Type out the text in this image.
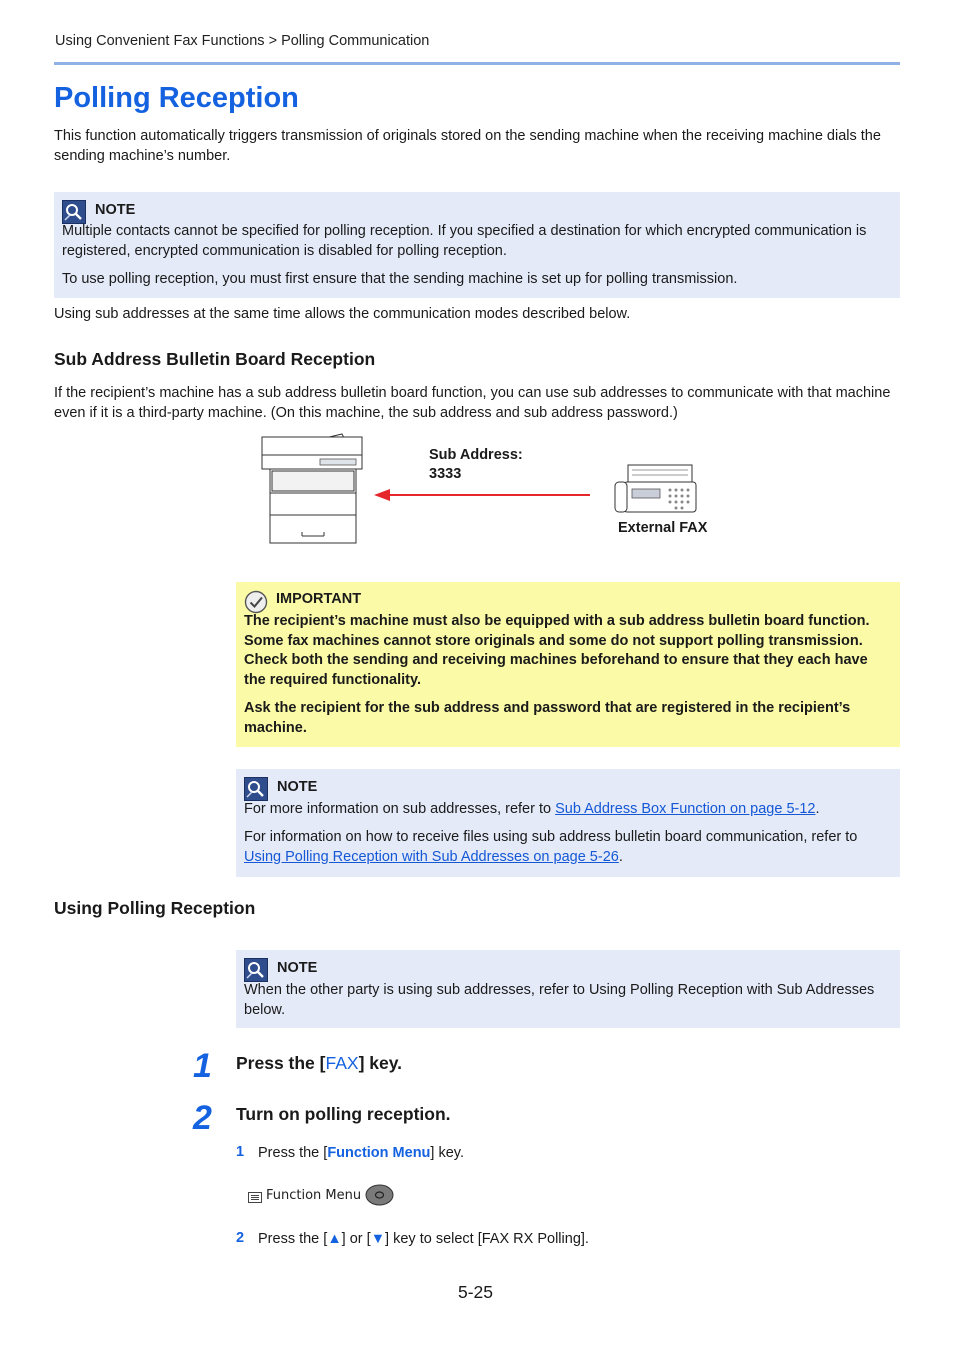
Using Convenient Fax Functions > Polling Communication
Polling Reception

This function automatically triggers transmission of originals stored on the sending machine when the receiving machine dials the sending machine’s number.

NOTE

Multiple contacts cannot be specified for polling reception. If you specified a destination for which encrypted communication is registered, encrypted communication is disabled for polling reception.

To use polling reception, you must first ensure that the sending machine is set up for polling transmission.

Using sub addresses at the same time allows the communication modes described below.

Sub Address Bulletin Board Reception

If the recipient’s machine has a sub address bulletin board function, you can use sub addresses to communicate with that machine even if it is a third-party machine. (On this machine, the sub address and sub address password.)

Sub Address:
3333
External FAX
IMPORTANT

The recipient’s machine must also be equipped with a sub address bulletin board function. Some fax machines cannot store originals and some do not support polling transmission. Check both the sending and receiving machines beforehand to ensure that they each have the required functionality.

Ask the recipient for the sub address and password that are registered in the recipient’s machine.

NOTE

For more information on sub addresses, refer to Sub Address Box Function on page 5-12.

For information on how to receive files using sub address bulletin board communication, refer to Using Polling Reception with Sub Addresses on page 5-26.

Using Polling Reception
NOTE

When the other party is using sub addresses, refer to Using Polling Reception with Sub Addresses below.

1 Press the [FAX] key.
2 Turn on polling reception.
1 Press the [Function Menu] key.
Function Menu
2 Press the [▲] or [▼] key to select [FAX RX Polling].
5-25
